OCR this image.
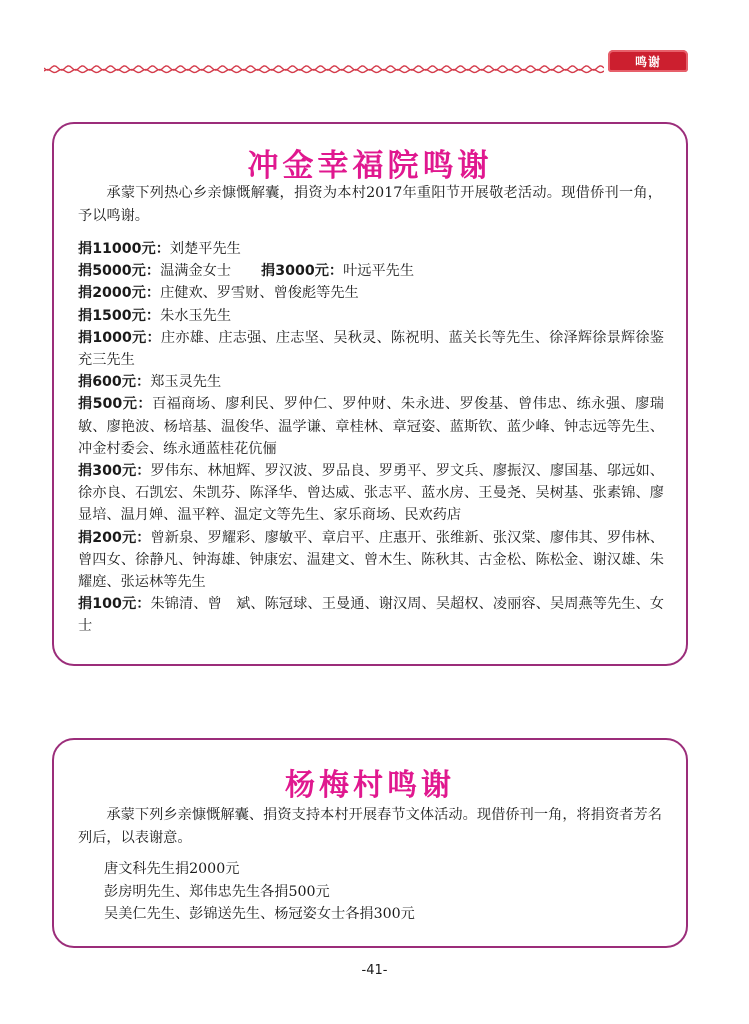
鸣谢
冲金幸福院鸣谢
承蒙下列热心乡亲慷慨解囊，捐资为本村2017年重阳节开展敬老活动。现借侨刊一角，予以鸣谢。
捐11000元：刘楚平先生
捐5000元：温满金女士 捐3000元：叶远平先生
捐2000元：庄健欢、罗雪财、曾俊彪等先生
捐1500元：朱水玉先生
捐1000元：庄亦雄、庄志强、庄志坚、吴秋灵、陈祝明、蓝关长等先生、徐泽辉徐景辉徐鉴充三先生
捐600元：郑玉灵先生
捐500元：百福商场、廖利民、罗仲仁、罗仲财、朱永进、罗俊基、曾伟忠、练永强、廖瑞敏、廖艳波、杨培基、温俊华、温学谦、章桂林、章冠姿、蓝斯钦、蓝少峰、钟志远等先生、冲金村委会、练永通蓝桂花伉俪
捐300元：罗伟东、林旭辉、罗汉波、罗品良、罗勇平、罗文兵、廖振汉、廖国基、邬远如、徐亦良、石凯宏、朱凯芬、陈泽华、曾达威、张志平、蓝水房、王曼尧、吴树基、张素锦、廖显培、温月婵、温平粹、温定文等先生、家乐商场、民欢药店
捐200元：曾新泉、罗耀彩、廖敏平、章启平、庄惠开、张维新、张汉棠、廖伟其、罗伟林、曾四女、徐静凡、钟海雄、钟康宏、温建文、曾木生、陈秋其、古金松、陈松金、谢汉雄、朱耀庭、张运林等先生
捐100元：朱锦清、曾　斌、陈冠球、王曼通、谢汉周、吴超权、凌丽容、吴周燕等先生、女士
杨梅村鸣谢
承蒙下列乡亲慷慨解囊、捐资支持本村开展春节文体活动。现借侨刊一角，将捐资者芳名列后，以表谢意。
唐文科先生捐2000元
彭房明先生、郑伟忠先生各捐500元
吴美仁先生、彭锦送先生、杨冠姿女士各捐300元
-41-
